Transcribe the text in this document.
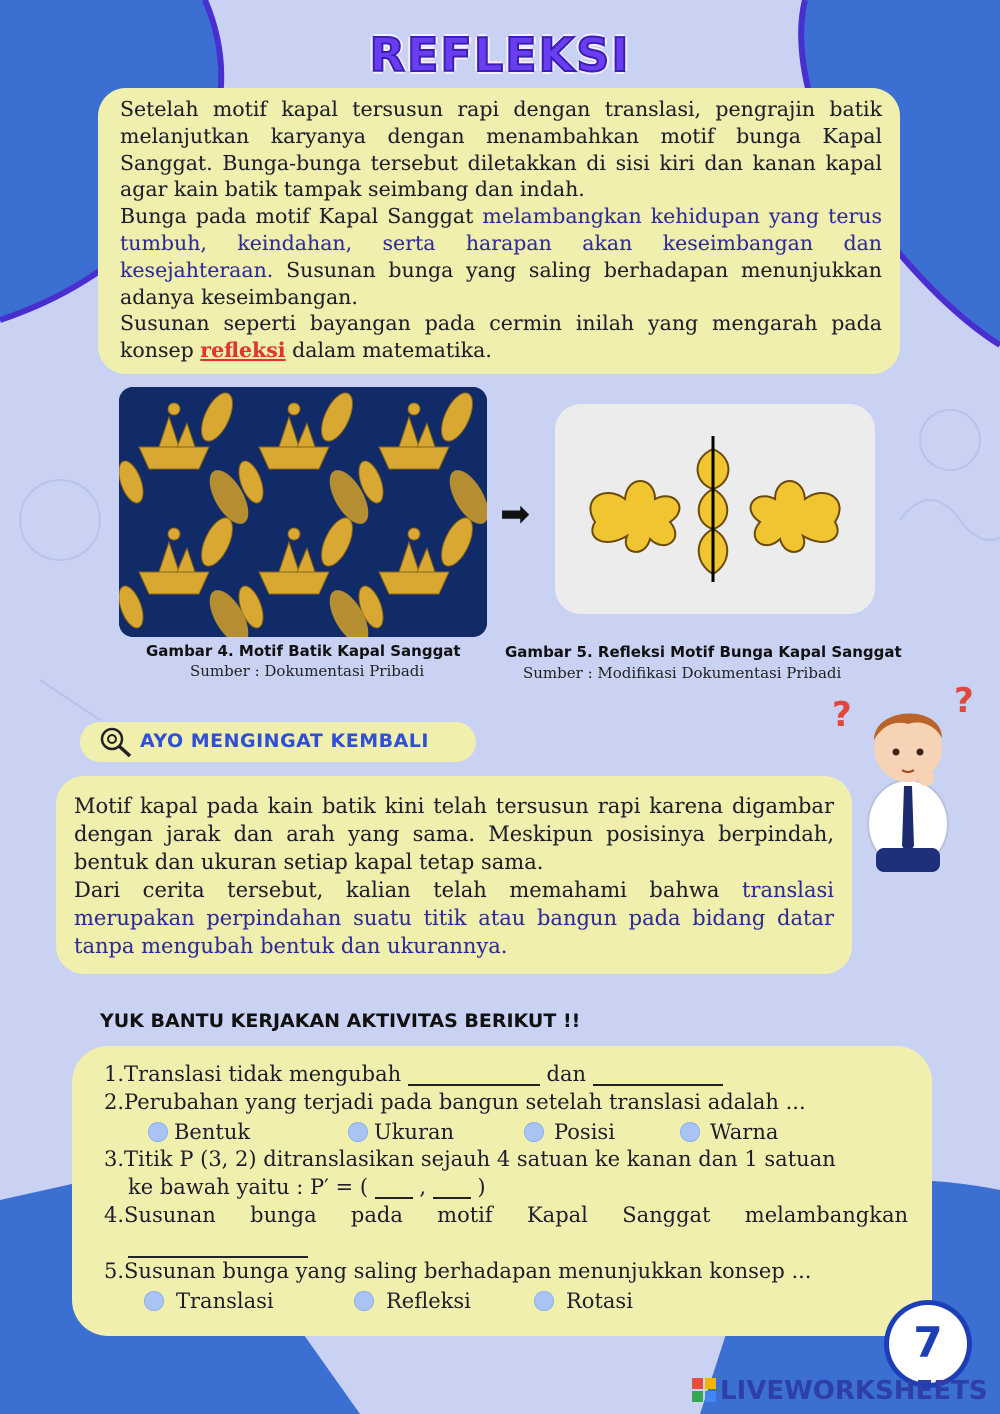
REFLEKSI

Setelah motif kapal tersusun rapi dengan translasi, pengrajin batik melanjutkan karyanya dengan menambahkan motif bunga Kapal Sanggat. Bunga-bunga tersebut diletakkan di sisi kiri dan kanan kapal agar kain batik tampak seimbang dan indah.

Bunga pada motif Kapal Sanggat melambangkan kehidupan yang terus tumbuh, keindahan, serta harapan akan keseimbangan dan kesejahteraan. Susunan bunga yang saling berhadapan menunjukkan adanya keseimbangan.

Susunan seperti bayangan pada cermin inilah yang mengarah pada konsep refleksi dalam matematika.

➡
Gambar 4. Motif Batik Kapal Sanggat
Sumber : Dokumentasi Pribadi
Gambar 5. Refleksi Motif Bunga Kapal Sanggat
Sumber : Modifikasi Dokumentasi Pribadi
AYO MENGINGAT KEMBALI
?	?

Motif kapal pada kain batik kini telah tersusun rapi karena digambar dengan jarak dan arah yang sama. Meskipun posisinya berpindah, bentuk dan ukuran setiap kapal tetap sama.

Dari cerita tersebut, kalian telah memahami bahwa translasi merupakan perpindahan suatu titik atau bangun pada bidang datar tanpa mengubah bentuk dan ukurannya.

YUK BANTU KERJAKAN AKTIVITAS BERIKUT !!
1.Translasi tidak mengubah	dan
2.Perubahan yang terjadi pada bangun setelah translasi adalah ...
Bentuk	Ukuran	Posisi	Warna
3.Titik P (3, 2) ditranslasikan sejauh 4 satuan ke kanan dan 1 satuan
ke bawah yaitu : P′ = (  ,  )
4. Susunan bunga pada motif Kapal Sanggat melambangkan
5.Susunan bunga yang saling berhadapan menunjukkan konsep ...
Translasi	Refleksi	Rotasi
7
LIVEWORKSHEETS
